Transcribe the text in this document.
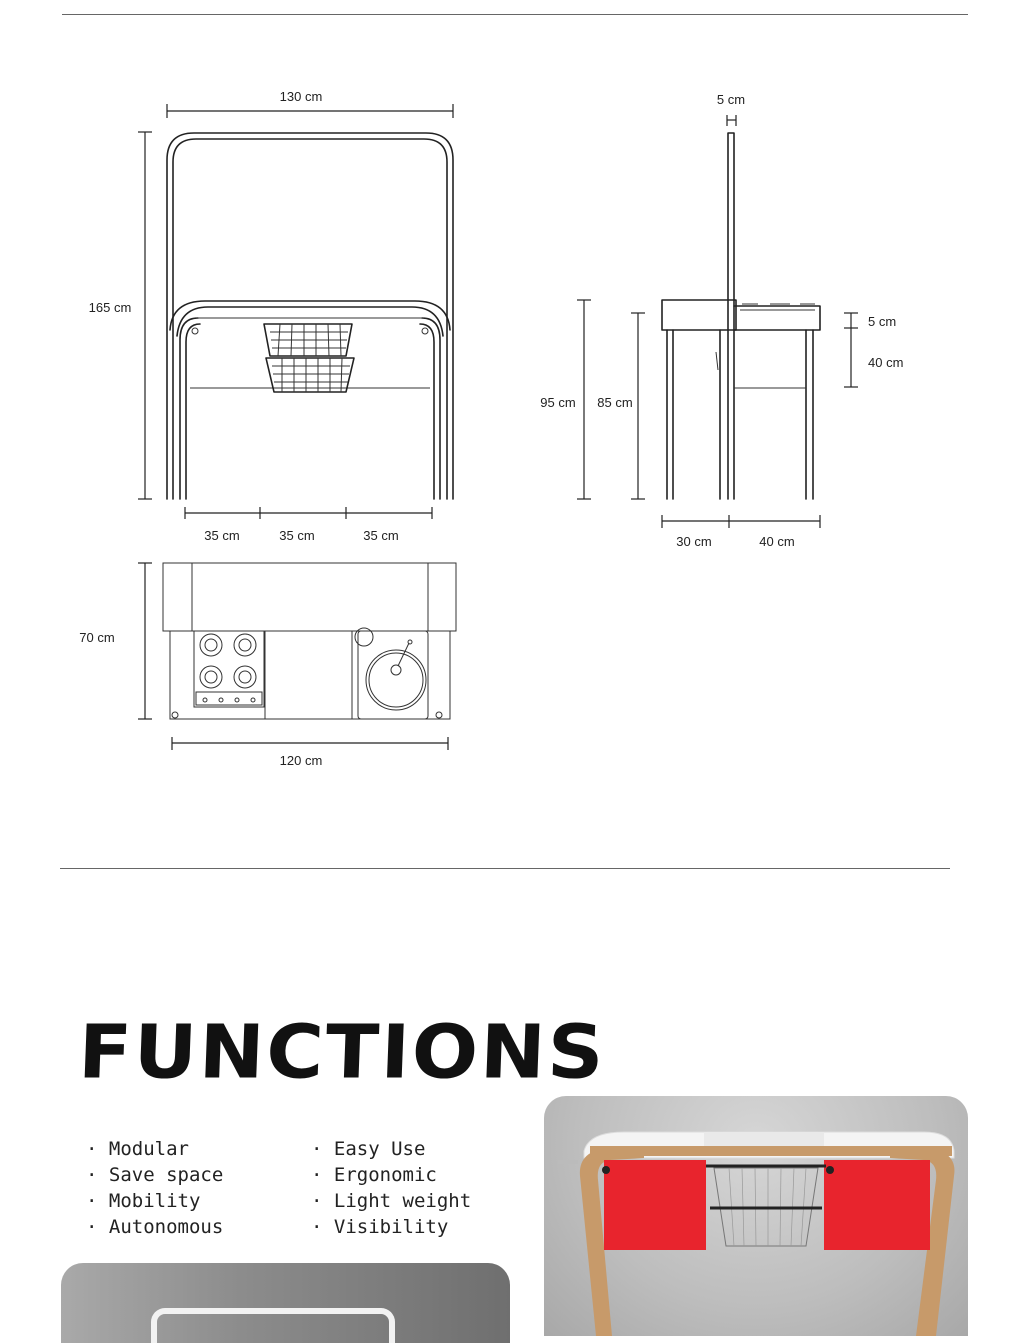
130 cm
165 cm
35 cm	35 cm	35 cm
5 cm
95 cm 85 cm
5 cm
40 cm
30 cm	40 cm
70 cm
120 cm
FUNCTIONS
· Modular
· Save space
· Mobility
· Autonomous
· Easy Use
· Ergonomic
· Light weight
· Visibility
